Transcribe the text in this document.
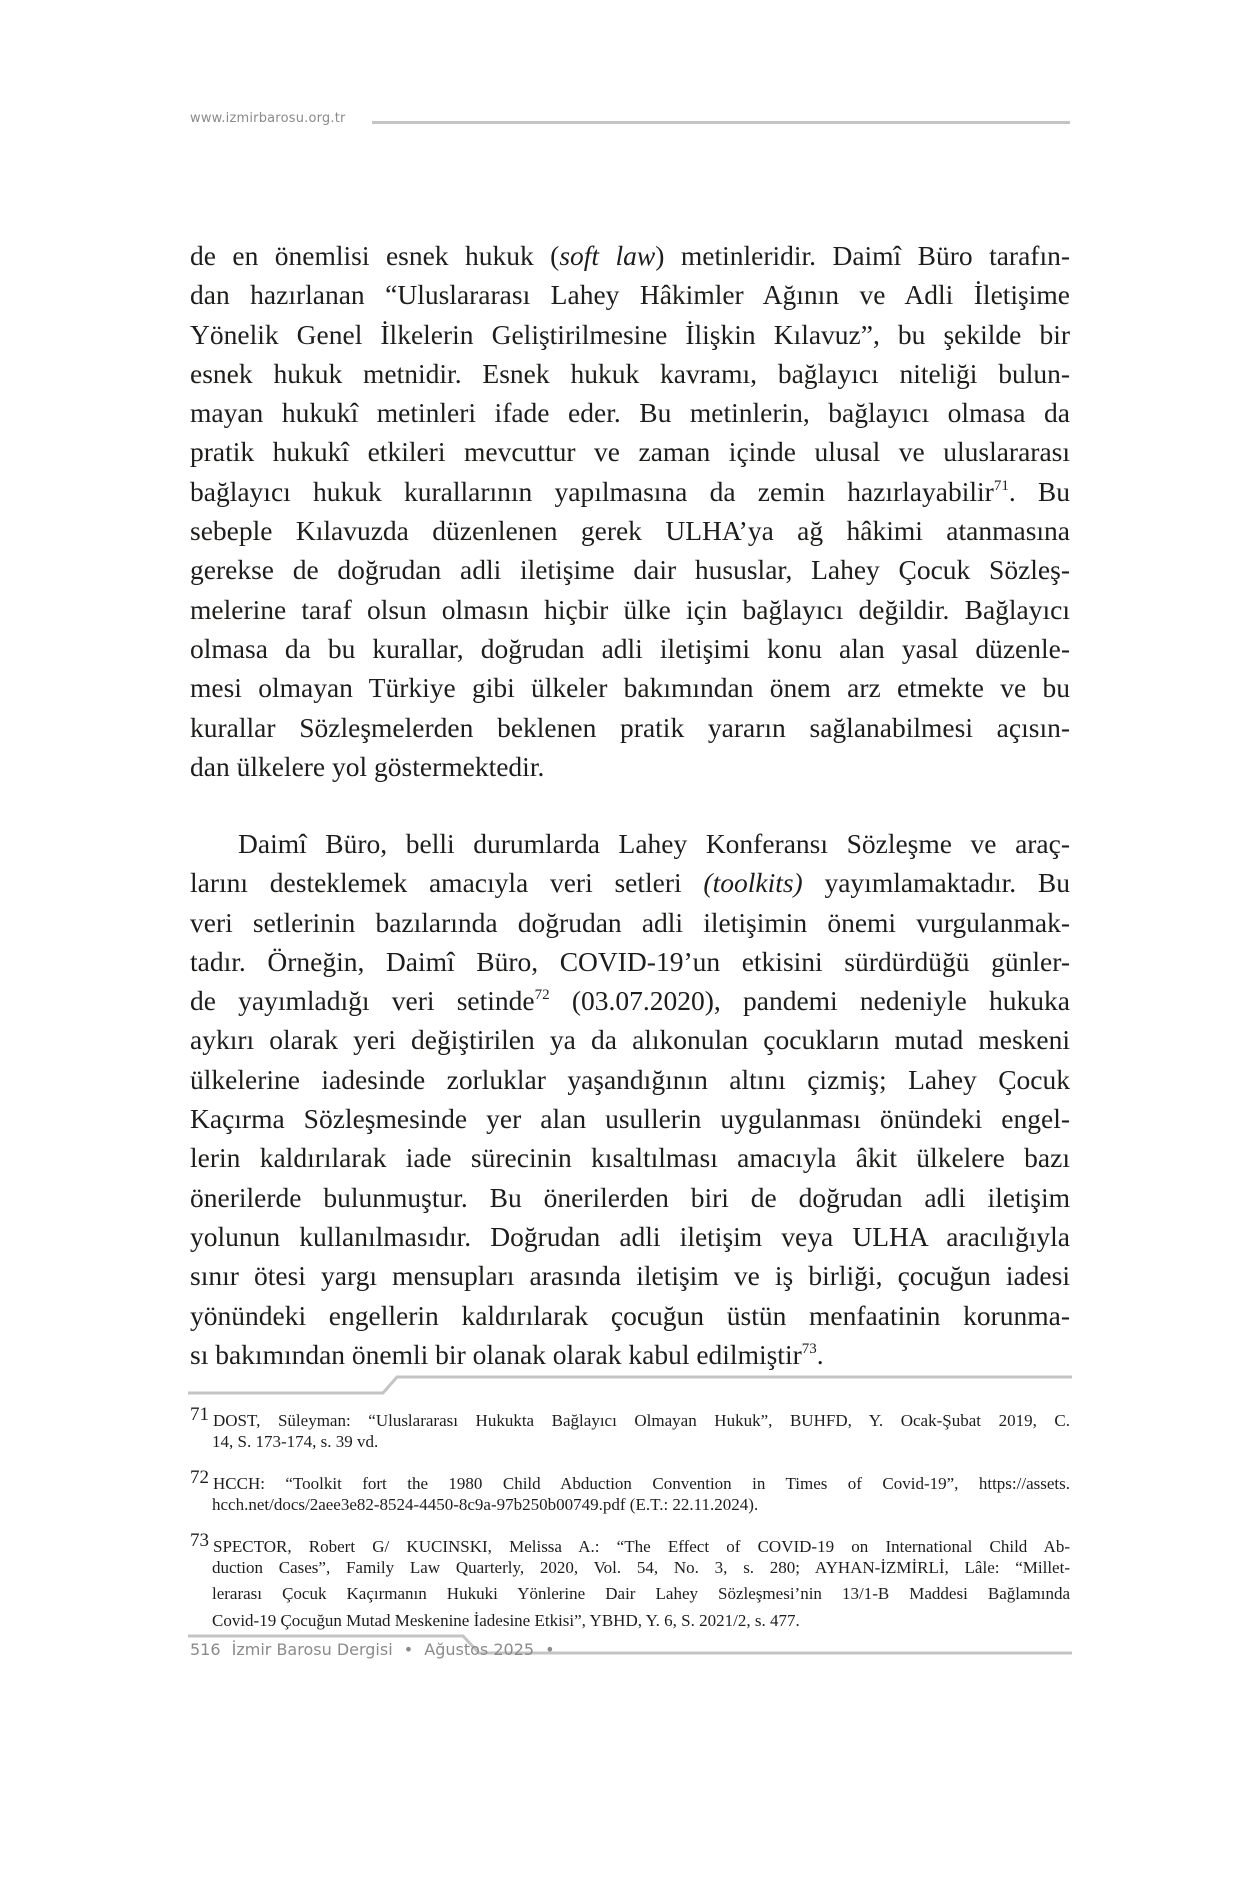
www.izmirbarosu.org.tr
de en önemlisi esnek hukuk (soft law) metinleridir. Daimî Büro tarafın-
dan hazırlanan “Uluslararası Lahey Hâkimler Ağının ve Adli İletişime
Yönelik Genel İlkelerin Geliştirilmesine İlişkin Kılavuz”, bu şekilde bir
esnek hukuk metnidir. Esnek hukuk kavramı, bağlayıcı niteliği bulun-
mayan hukukî metinleri ifade eder. Bu metinlerin, bağlayıcı olmasa da
pratik hukukî etkileri mevcuttur ve zaman içinde ulusal ve uluslararası
bağlayıcı hukuk kurallarının yapılmasına da zemin hazırlayabilir$^{71}$. Bu
sebeple Kılavuzda düzenlenen gerek ULHA’ya ağ hâkimi atanmasına
gerekse de doğrudan adli iletişime dair hususlar, Lahey Çocuk Sözleş-
melerine taraf olsun olmasın hiçbir ülke için bağlayıcı değildir. Bağlayıcı
olmasa da bu kurallar, doğrudan adli iletişimi konu alan yasal düzenle-
mesi olmayan Türkiye gibi ülkeler bakımından önem arz etmekte ve bu
kurallar Sözleşmelerden beklenen pratik yararın sağlanabilmesi açısın-
dan ülkelere yol göstermektedir.
Daimî Büro, belli durumlarda Lahey Konferansı Sözleşme ve araç-
larını desteklemek amacıyla veri setleri (toolkits) yayımlamaktadır. Bu
veri setlerinin bazılarında doğrudan adli iletişimin önemi vurgulanmak-
tadır. Örneğin, Daimî Büro, COVID-19’un etkisini sürdürdüğü günler-
de yayımladığı veri setinde$^{72}$ (03.07.2020), pandemi nedeniyle hukuka
aykırı olarak yeri değiştirilen ya da alıkonulan çocukların mutad meskeni
ülkelerine iadesinde zorluklar yaşandığının altını çizmiş; Lahey Çocuk
Kaçırma Sözleşmesinde yer alan usullerin uygulanması önündeki engel-
lerin kaldırılarak iade sürecinin kısaltılması amacıyla âkit ülkelere bazı
önerilerde bulunmuştur. Bu önerilerden biri de doğrudan adli iletişim
yolunun kullanılmasıdır. Doğrudan adli iletişim veya ULHA aracılığıyla
sınır ötesi yargı mensupları arasında iletişim ve iş birliği, çocuğun iadesi
yönündeki engellerin kaldırılarak çocuğun üstün menfaatinin korunma-
sı bakımından önemli bir olanak olarak kabul edilmiştir$^{73}$.
71 DOST, Süleyman: “Uluslararası Hukukta Bağlayıcı Olmayan Hukuk”, BUHFD, Y. Ocak-Şubat 2019, C.
14, S. 173-174, s. 39 vd.
72 HCCH: “Toolkit fort the 1980 Child Abduction Convention in Times of Covid-19”, https://assets.
hcch.net/docs/2aee3e82-8524-4450-8c9a-97b250b00749.pdf (E.T.: 22.11.2024).
73 SPECTOR, Robert G/ KUCINSKI, Melissa A.: “The Effect of COVID-19 on International Child Ab-
duction Cases”, Family Law Quarterly, 2020, Vol. 54, No. 3, s. 280; AYHAN-İZMİRLİ, Lâle: “Millet-
lerarası Çocuk Kaçırmanın Hukuki Yönlerine Dair Lahey Sözleşmesi’nin 13/1-B Maddesi Bağlamında
Covid-19 Çocuğun Mutad Meskenine İadesine Etkisi”, YBHD, Y. 6, S. 2021/2, s. 477.
516 İzmir Barosu Dergisi • Ağustos 2025 •
